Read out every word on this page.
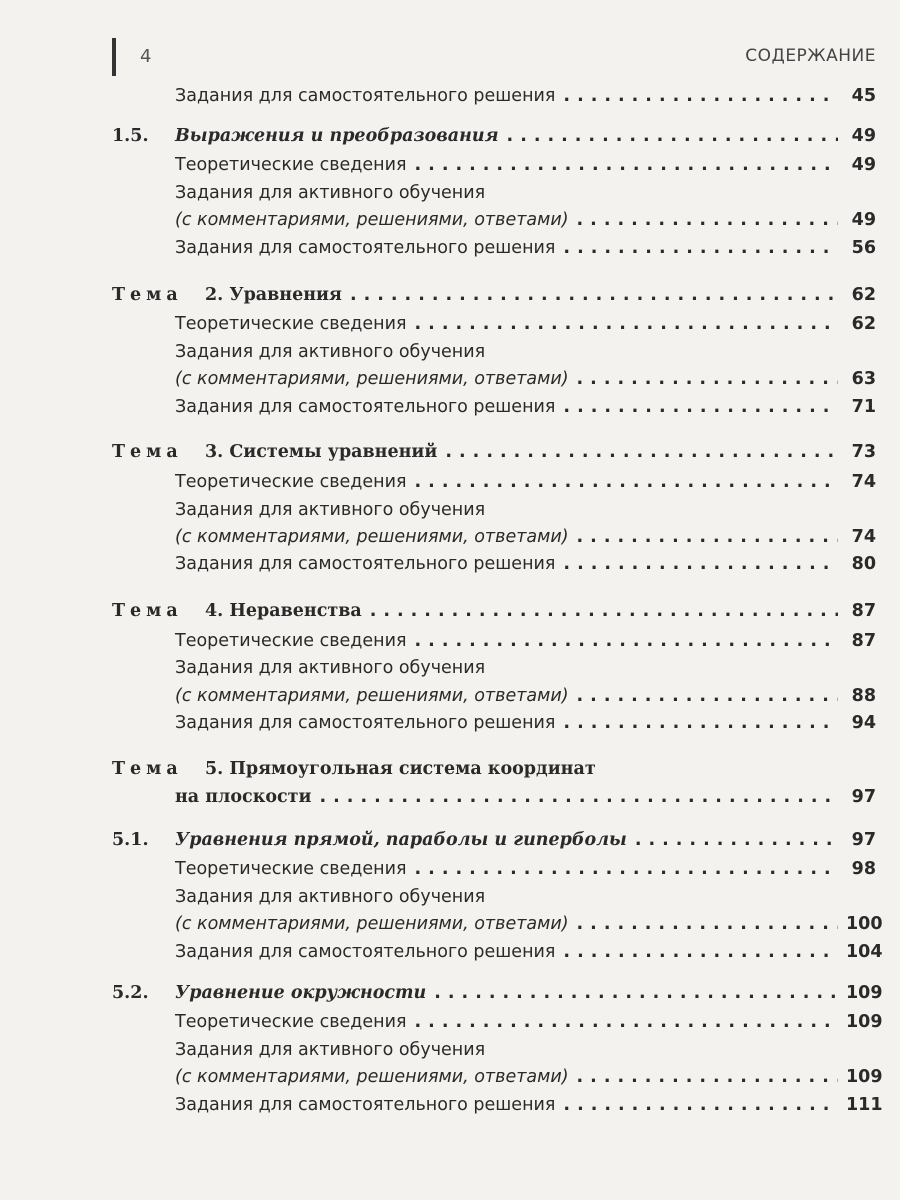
4	СОДЕРЖАНИЕ
Задания для самостоятельного решения .....	45
1.5. Выражения и преобразования .....	49
Теоретические сведения .....	49
Задания для активного обучения
(с комментариями, решениями, ответами) .....	49
Задания для самостоятельного решения .....	56
Тема 2. Уравнения .....	62
Теоретические сведения .....	62
Задания для активного обучения
(с комментариями, решениями, ответами) .....	63
Задания для самостоятельного решения .....	71
Тема 3. Системы уравнений .....	73
Теоретические сведения .....	74
Задания для активного обучения
(с комментариями, решениями, ответами) .....	74
Задания для самостоятельного решения .....	80
Тема 4. Неравенства .....	87
Теоретические сведения .....	87
Задания для активного обучения
(с комментариями, решениями, ответами) .....	88
Задания для самостоятельного решения .....	94
Тема 5. Прямоугольная система координат
на плоскости .....	97
5.1. Уравнения прямой, параболы и гиперболы .....	97
Теоретические сведения .....	98
Задания для активного обучения
(с комментариями, решениями, ответами) .....	100
Задания для самостоятельного решения .....	104
5.2. Уравнение окружности .....	109
Теоретические сведения .....	109
Задания для активного обучения
(с комментариями, решениями, ответами) .....	109
Задания для самостоятельного решения .....	111
